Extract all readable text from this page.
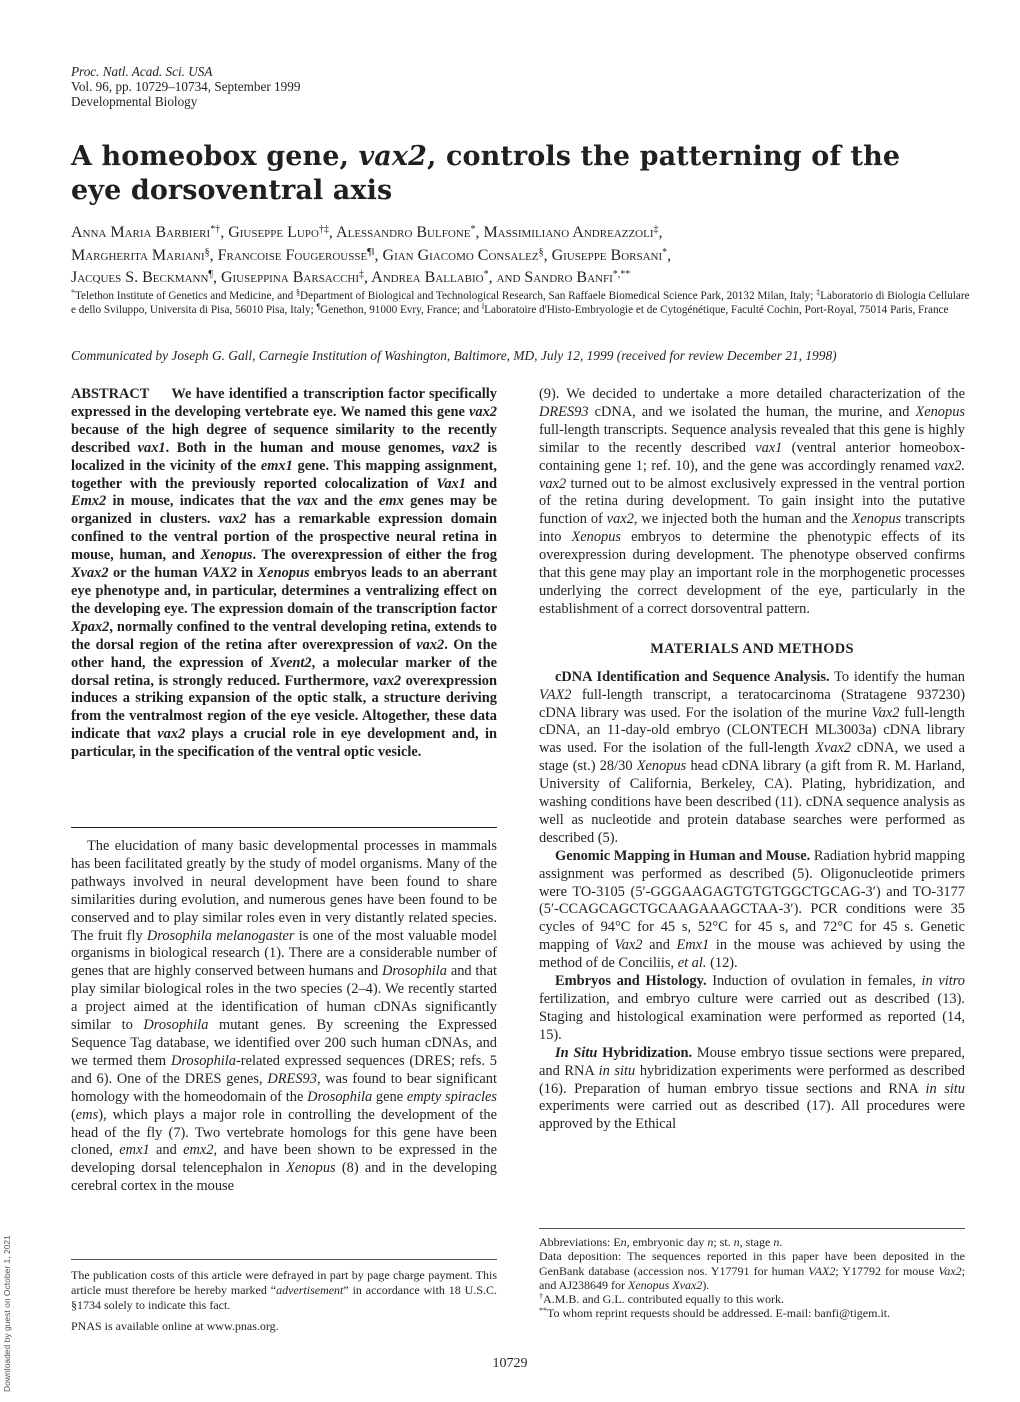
Proc. Natl. Acad. Sci. USA
Vol. 96, pp. 10729–10734, September 1999
Developmental Biology
A homeobox gene, vax2, controls the patterning of the eye dorsoventral axis
Anna Maria Barbieri*†, Giuseppe Lupo†‡, Alessandro Bulfone*, Massimiliano Andreazzoli‡,
Margherita Mariani§, Francoise Fougerousse¶‖, Gian Giacomo Consalez§, Giuseppe Borsani*,
Jacques S. Beckmann¶, Giuseppina Barsacchi‡, Andrea Ballabio*, and Sandro Banfi*,**
*Telethon Institute of Genetics and Medicine, and §Department of Biological and Technological Research, San Raffaele Biomedical Science Park, 20132 Milan, Italy; ‡Laboratorio di Biologia Cellulare e dello Sviluppo, Universita di Pisa, 56010 Pisa, Italy; ¶Genethon, 91000 Evry, France; and ‖Laboratoire d'Histo-Embryologie et de Cytogénétique, Faculté Cochin, Port-Royal, 75014 Paris, France
Communicated by Joseph G. Gall, Carnegie Institution of Washington, Baltimore, MD, July 12, 1999 (received for review December 21, 1998)

ABSTRACT We have identified a transcription factor specifically expressed in the developing vertebrate eye. We named this gene vax2 because of the high degree of sequence similarity to the recently described vax1. Both in the human and mouse genomes, vax2 is localized in the vicinity of the emx1 gene. This mapping assignment, together with the previously reported colocalization of Vax1 and Emx2 in mouse, indicates that the vax and the emx genes may be organized in clusters. vax2 has a remarkable expression domain confined to the ventral portion of the prospective neural retina in mouse, human, and Xenopus. The overexpression of either the frog Xvax2 or the human VAX2 in Xenopus embryos leads to an aberrant eye phenotype and, in particular, determines a ventralizing effect on the developing eye. The expression domain of the transcription factor Xpax2, normally confined to the ventral developing retina, extends to the dorsal region of the retina after overexpression of vax2. On the other hand, the expression of Xvent2, a molecular marker of the dorsal retina, is strongly reduced. Furthermore, vax2 overexpression induces a striking expansion of the optic stalk, a structure deriving from the ventralmost region of the eye vesicle. Altogether, these data indicate that vax2 plays a crucial role in eye development and, in particular, in the specification of the ventral optic vesicle.

The elucidation of many basic developmental processes in mammals has been facilitated greatly by the study of model organisms. Many of the pathways involved in neural development have been found to share similarities during evolution, and numerous genes have been found to be conserved and to play similar roles even in very distantly related species. The fruit fly Drosophila melanogaster is one of the most valuable model organisms in biological research (1). There are a considerable number of genes that are highly conserved between humans and Drosophila and that play similar biological roles in the two species (2–4). We recently started a project aimed at the identification of human cDNAs significantly similar to Drosophila mutant genes. By screening the Expressed Sequence Tag database, we identified over 200 such human cDNAs, and we termed them Drosophila-related expressed sequences (DRES; refs. 5 and 6). One of the DRES genes, DRES93, was found to bear significant homology with the homeodomain of the Drosophila gene empty spiracles (ems), which plays a major role in controlling the development of the head of the fly (7). Two vertebrate homologs for this gene have been cloned, emx1 and emx2, and have been shown to be expressed in the developing dorsal telencephalon in Xenopus (8) and in the developing cerebral cortex in the mouse

The publication costs of this article were defrayed in part by page charge payment. This article must therefore be hereby marked “advertisement” in accordance with 18 U.S.C. §1734 solely to indicate this fact.

PNAS is available online at www.pnas.org.

(9). We decided to undertake a more detailed characterization of the DRES93 cDNA, and we isolated the human, the murine, and Xenopus full-length transcripts. Sequence analysis revealed that this gene is highly similar to the recently described vax1 (ventral anterior homeobox-containing gene 1; ref. 10), and the gene was accordingly renamed vax2. vax2 turned out to be almost exclusively expressed in the ventral portion of the retina during development. To gain insight into the putative function of vax2, we injected both the human and the Xenopus transcripts into Xenopus embryos to determine the phenotypic effects of its overexpression during development. The phenotype observed confirms that this gene may play an important role in the morphogenetic processes underlying the correct development of the eye, particularly in the establishment of a correct dorsoventral pattern.

MATERIALS AND METHODS

cDNA Identification and Sequence Analysis. To identify the human VAX2 full-length transcript, a teratocarcinoma (Stratagene 937230) cDNA library was used. For the isolation of the murine Vax2 full-length cDNA, an 11-day-old embryo (CLONTECH ML3003a) cDNA library was used. For the isolation of the full-length Xvax2 cDNA, we used a stage (st.) 28/30 Xenopus head cDNA library (a gift from R. M. Harland, University of California, Berkeley, CA). Plating, hybridization, and washing conditions have been described (11). cDNA sequence analysis as well as nucleotide and protein database searches were performed as described (5).

Genomic Mapping in Human and Mouse. Radiation hybrid mapping assignment was performed as described (5). Oligonucleotide primers were TO-3105 (5′-GGGAAGAGTGTGTGGCTGCAG-3′) and TO-3177 (5′-CCAGCAGCTGCAAGAAAGCTAA-3′). PCR conditions were 35 cycles of 94°C for 45 s, 52°C for 45 s, and 72°C for 45 s. Genetic mapping of Vax2 and Emx1 in the mouse was achieved by using the method of de Conciliis, et al. (12).

Embryos and Histology. Induction of ovulation in females, in vitro fertilization, and embryo culture were carried out as described (13). Staging and histological examination were performed as reported (14, 15).

In Situ Hybridization. Mouse embryo tissue sections were prepared, and RNA in situ hybridization experiments were performed as described (16). Preparation of human embryo tissue sections and RNA in situ experiments were carried out as described (17). All procedures were approved by the Ethical

Abbreviations: En, embryonic day n; st. n, stage n.

Data deposition: The sequences reported in this paper have been deposited in the GenBank database (accession nos. Y17791 for human VAX2; Y17792 for mouse Vax2; and AJ238649 for Xenopus Xvax2).

†A.M.B. and G.L. contributed equally to this work.

**To whom reprint requests should be addressed. E-mail: banfi@tigem.it.

10729
Downloaded by guest on October 1, 2021
